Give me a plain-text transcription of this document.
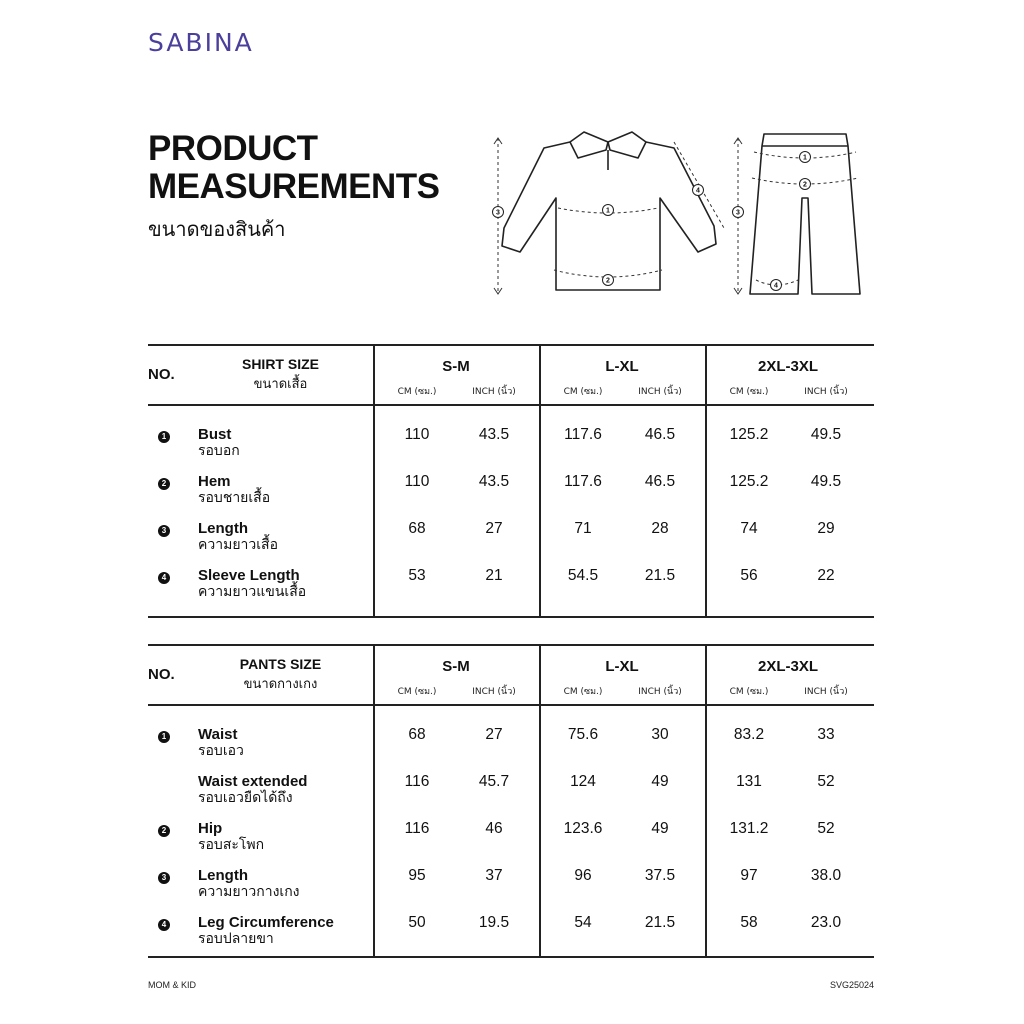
SABINA
PRODUCT
MEASUREMENTS
ขนาดของสินค้า
1
2
3
4
1
2
3
4
NO.
SHIRT SIZE
ขนาดเสื้อ
S-M	L-XL	2XL-3XL
CM (ซม.)	INCH (นิ้ว)	CM (ซม.)	INCH (นิ้ว)	CM (ซม.)	INCH (นิ้ว)
1 Bust
รอบอก
110	43.5	117.6	46.5	125.2	49.5
2 Hem
รอบชายเสื้อ
110	43.5	117.6	46.5	125.2	49.5
3 Length
ความยาวเสื้อ
68	27	71	28	74	29
4 Sleeve Length
ความยาวแขนเสื้อ
53	21	54.5	21.5	56	22
NO.
PANTS SIZE
ขนาดกางเกง
S-M	L-XL	2XL-3XL
CM (ซม.)	INCH (นิ้ว)	CM (ซม.)	INCH (นิ้ว)	CM (ซม.)	INCH (นิ้ว)
1 Waist
รอบเอว
68	27	75.6	30	83.2	33
Waist extended
รอบเอวยืดได้ถึง
116	45.7	124	49	131	52
2 Hip
รอบสะโพก
116	46	123.6	49	131.2	52
3 Length
ความยาวกางเกง
95	37	96	37.5	97	38.0
4 Leg Circumference
รอบปลายขา
50	19.5	54	21.5	58	23.0
MOM & KID	SVG25024
